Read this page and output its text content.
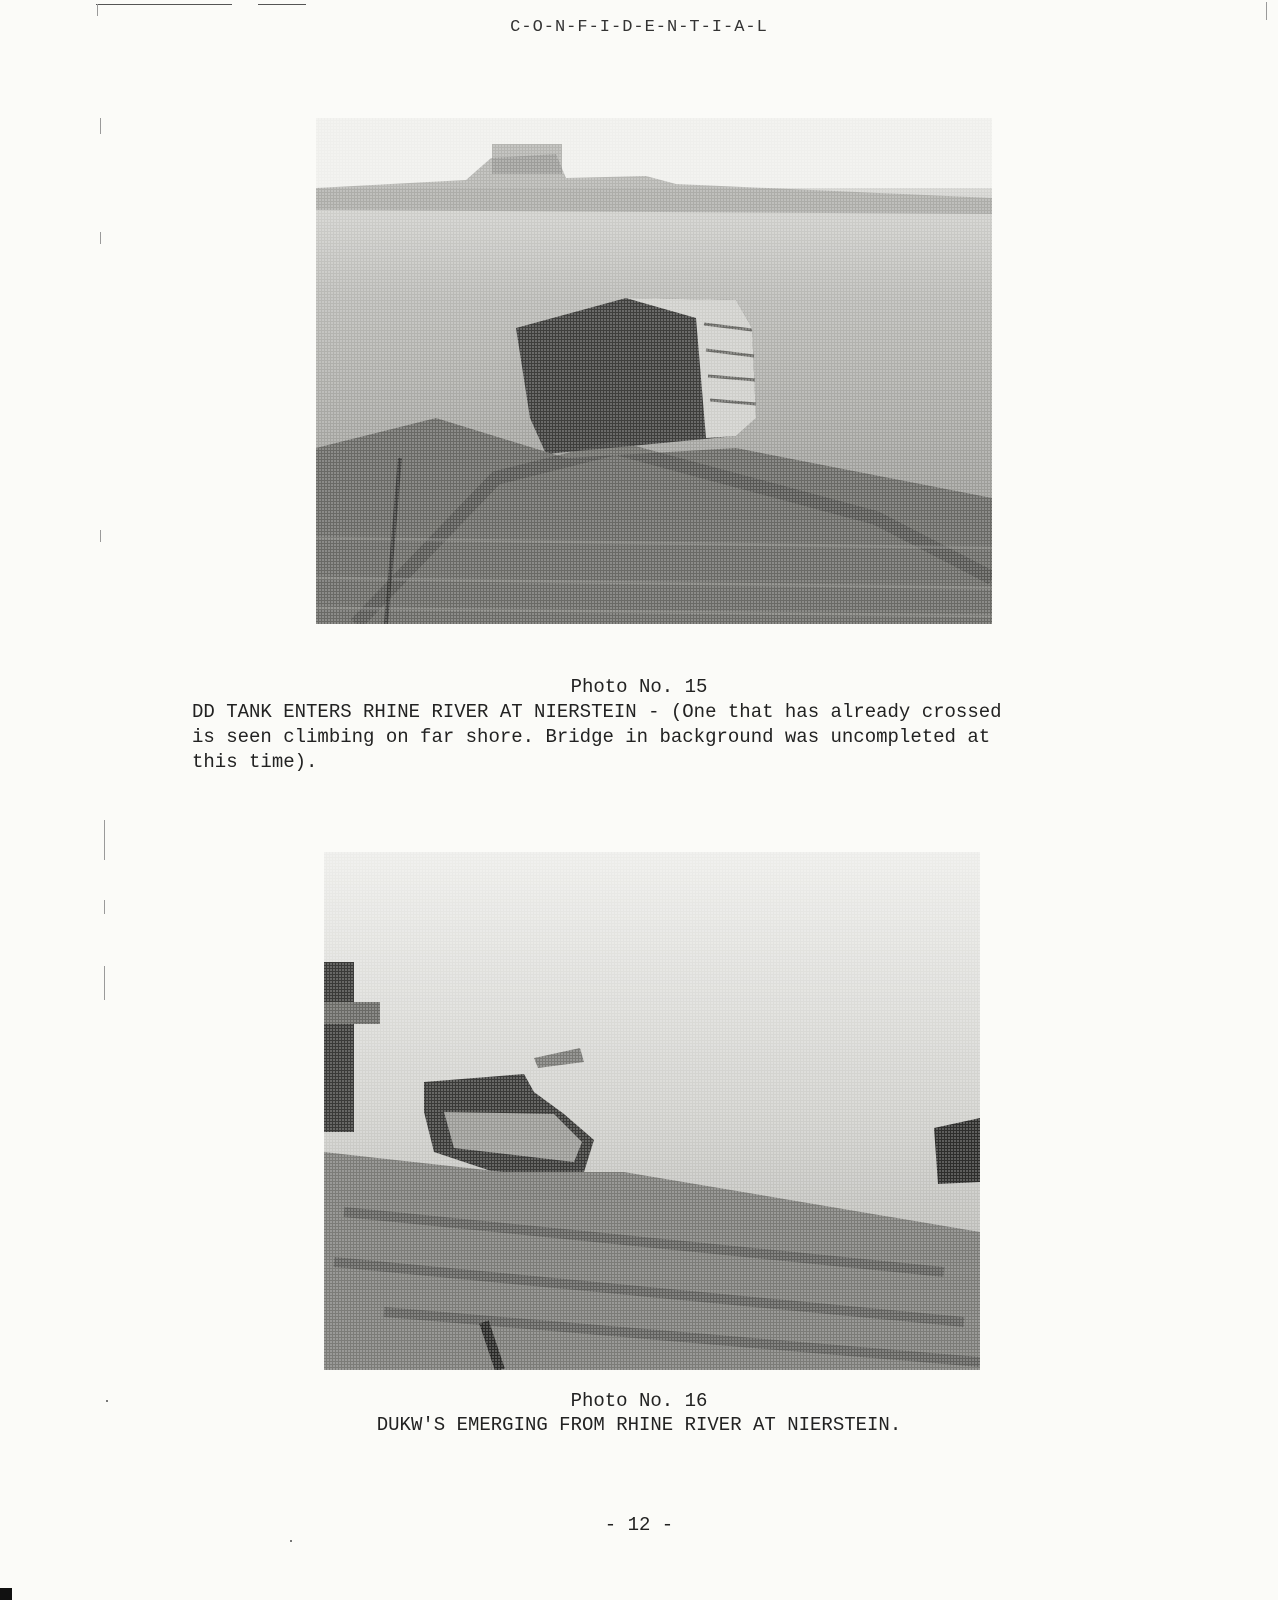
C-O-N-F-I-D-E-N-T-I-A-L
Photo No. 15
DD TANK ENTERS RHINE RIVER AT NIERSTEIN - (One that has already crossed
is seen climbing on far shore. Bridge in background was uncompleted at
this time).
Photo No. 16
DUKW'S EMERGING FROM RHINE RIVER AT NIERSTEIN.
- 12 -
